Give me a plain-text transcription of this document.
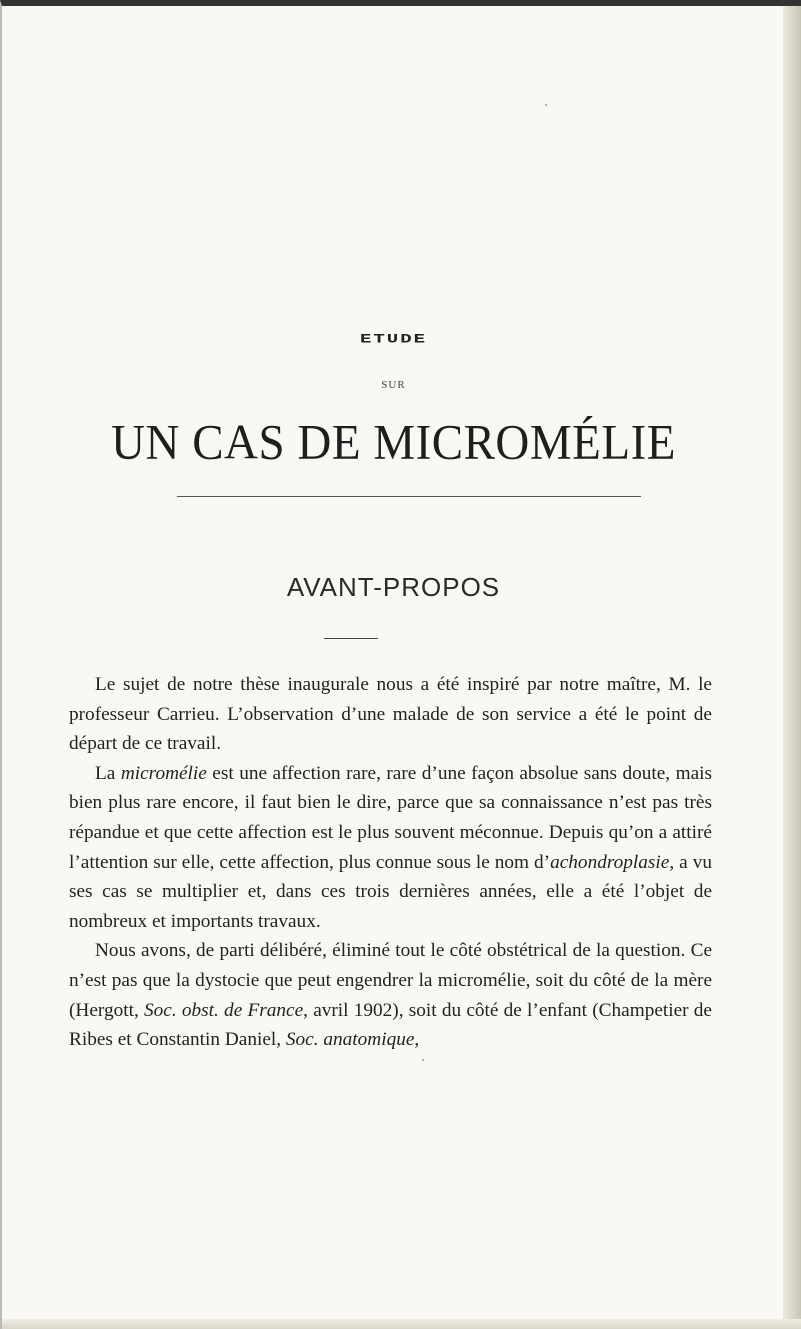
ETUDE
SUR
UN CAS DE MICROMÉLIE
AVANT-PROPOS

Le sujet de notre thèse inaugurale nous a été inspiré par notre maître, M. le professeur Carrieu. L’observation d’une malade de son service a été le point de départ de ce travail.

La micromélie est une affection rare, rare d’une façon absolue sans doute, mais bien plus rare encore, il faut bien le dire, parce que sa connaissance n’est pas très répandue et que cette affection est le plus souvent méconnue. Depuis qu’on a attiré l’attention sur elle, cette affection, plus connue sous le nom d’achondroplasie, a vu ses cas se multiplier et, dans ces trois dernières années, elle a été l’objet de nombreux et importants travaux.

Nous avons, de parti délibéré, éliminé tout le côté obstétrical de la question. Ce n’est pas que la dystocie que peut engendrer la micromélie, soit du côté de la mère (Hergott, Soc. obst. de France, avril 1902), soit du côté de l’enfant (Champetier de Ribes et Constantin Daniel, Soc. anatomique,
